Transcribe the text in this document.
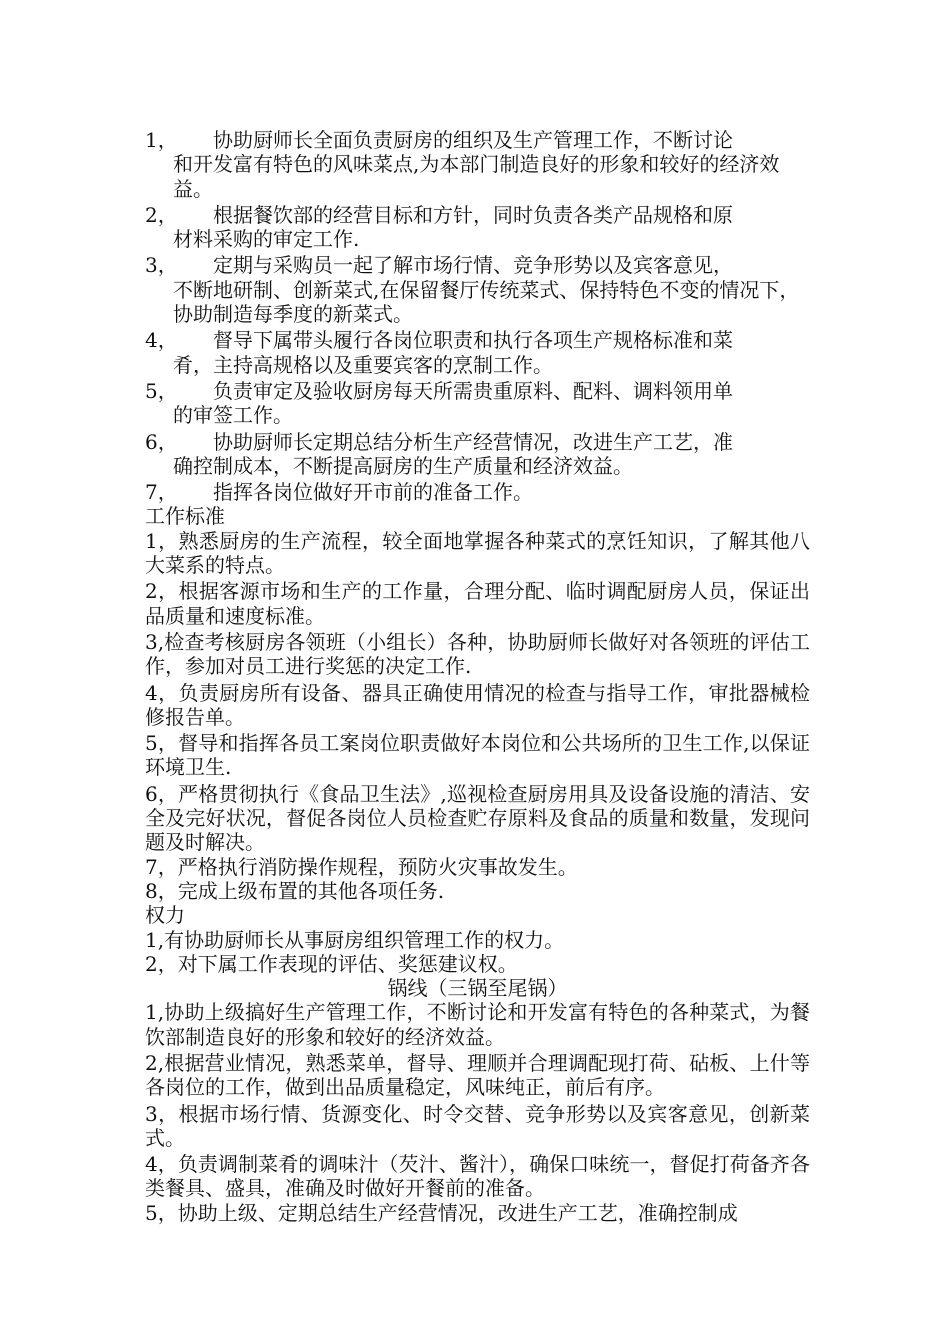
1，	协助厨师长全面负责厨房的组织及生产管理工作，不断讨论
和开发富有特色的风味菜点,为本部门制造良好的形象和较好的经济效益。
2，	根据餐饮部的经营目标和方针，同时负责各类产品规格和原
材料采购的审定工作.
3，	定期与采购员一起了解市场行情、竞争形势以及宾客意见，
不断地研制、创新菜式,在保留餐厅传统菜式、保持特色不变的情况下，协助制造每季度的新菜式。
4，	督导下属带头履行各岗位职责和执行各项生产规格标准和菜
肴，主持高规格以及重要宾客的烹制工作。
5，	负责审定及验收厨房每天所需贵重原料、配料、调料领用单
的审签工作。
6，	协助厨师长定期总结分析生产经营情况，改进生产工艺，准
确控制成本，不断提高厨房的生产质量和经济效益。
7，	指挥各岗位做好开市前的准备工作。
工作标准
1，熟悉厨房的生产流程，较全面地掌握各种菜式的烹饪知识，了解其他八大菜系的特点。
2，根据客源市场和生产的工作量，合理分配、临时调配厨房人员，保证出品质量和速度标准。
3,检查考核厨房各领班（小组长）各种，协助厨师长做好对各领班的评估工作，参加对员工进行奖惩的决定工作.
4，负责厨房所有设备、器具正确使用情况的检查与指导工作，审批器械检修报告单。
5，督导和指挥各员工案岗位职责做好本岗位和公共场所的卫生工作,以保证环境卫生.
6，严格贯彻执行《食品卫生法》,巡视检查厨房用具及设备设施的清洁、安全及完好状况，督促各岗位人员检查贮存原料及食品的质量和数量，发现问题及时解决。
7，严格执行消防操作规程，预防火灾事故发生。
8，完成上级布置的其他各项任务.
权力
1,有协助厨师长从事厨房组织管理工作的权力。
2，对下属工作表现的评估、奖惩建议权。
锅线（三锅至尾锅）
1,协助上级搞好生产管理工作，不断讨论和开发富有特色的各种菜式，为餐饮部制造良好的形象和较好的经济效益。
2,根据营业情况，熟悉菜单，督导、理顺并合理调配现打荷、砧板、上什等各岗位的工作，做到出品质量稳定，风味纯正，前后有序。
3，根据市场行情、货源变化、时令交替、竞争形势以及宾客意见，创新菜式。
4，负责调制菜肴的调味汁（芡汁、酱汁），确保口味统一，督促打荷备齐各类餐具、盛具，准确及时做好开餐前的准备。
5，协助上级、定期总结生产经营情况，改进生产工艺，准确控制成
